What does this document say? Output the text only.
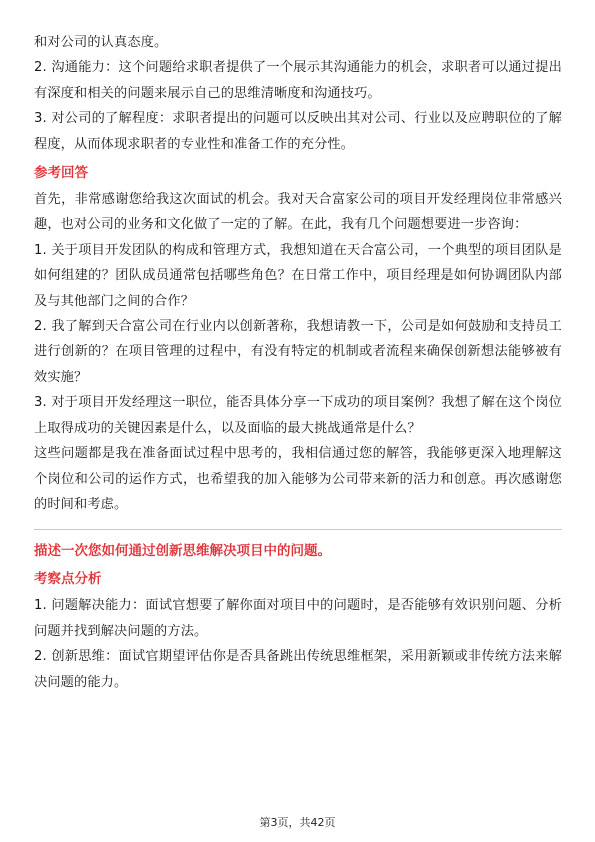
和对公司的认真态度。

2. 沟通能力：这个问题给求职者提供了一个展示其沟通能力的机会，求职者可以通过提出有深度和相关的问题来展示自己的思维清晰度和沟通技巧。

3. 对公司的了解程度：求职者提出的问题可以反映出其对公司、行业以及应聘职位的了解程度，从而体现求职者的专业性和准备工作的充分性。

参考回答

首先，非常感谢您给我这次面试的机会。我对天合富家公司的项目开发经理岗位非常感兴趣，也对公司的业务和文化做了一定的了解。在此，我有几个问题想要进一步咨询：

1. 关于项目开发团队的构成和管理方式，我想知道在天合富公司，一个典型的项目团队是如何组建的？团队成员通常包括哪些角色？在日常工作中，项目经理是如何协调团队内部及与其他部门之间的合作？

2. 我了解到天合富公司在行业内以创新著称，我想请教一下，公司是如何鼓励和支持员工进行创新的？在项目管理的过程中，有没有特定的机制或者流程来确保创新想法能够被有效实施？

3. 对于项目开发经理这一职位，能否具体分享一下成功的项目案例？我想了解在这个岗位上取得成功的关键因素是什么，以及面临的最大挑战通常是什么？

这些问题都是我在准备面试过程中思考的，我相信通过您的解答，我能够更深入地理解这个岗位和公司的运作方式，也希望我的加入能够为公司带来新的活力和创意。再次感谢您的时间和考虑。

描述一次您如何通过创新思维解决项目中的问题。
考察点分析

1. 问题解决能力：面试官想要了解你面对项目中的问题时，是否能够有效识别问题、分析问题并找到解决问题的方法。

2. 创新思维：面试官期望评估你是否具备跳出传统思维框架，采用新颖或非传统方法来解决问题的能力。

第3页，共42页
